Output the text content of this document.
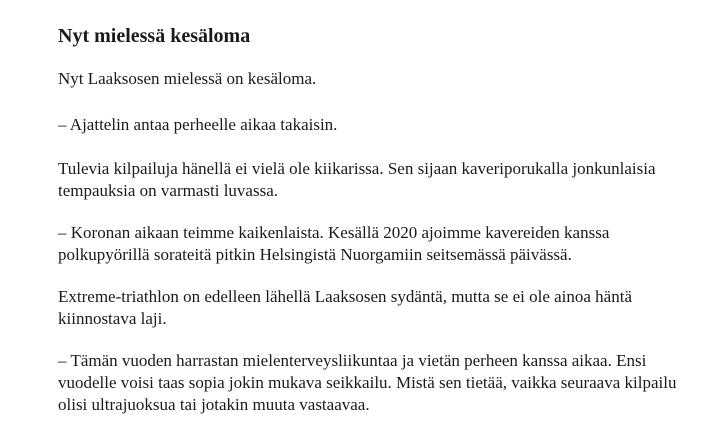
Nyt mielessä kesäloma

Nyt Laaksosen mielessä on kesäloma.

– Ajattelin antaa perheelle aikaa takaisin.

Tulevia kilpailuja hänellä ei vielä ole kiikarissa. Sen sijaan kaveriporukalla jonkunlaisia tempauksia on varmasti luvassa.

– Koronan aikaan teimme kaikenlaista. Kesällä 2020 ajoimme kavereiden kanssa polkupyörillä sorateitä pitkin Helsingistä Nuorgamiin seitsemässä päivässä.

Extreme-triathlon on edelleen lähellä Laaksosen sydäntä, mutta se ei ole ainoa häntä kiinnostava laji.

– Tämän vuoden harrastan mielenterveysliikuntaa ja vietän perheen kanssa aikaa. Ensi vuodelle voisi taas sopia jokin mukava seikkailu. Mistä sen tietää, vaikka seuraava kilpailu olisi ultrajuoksua tai jotakin muuta vastaavaa.
